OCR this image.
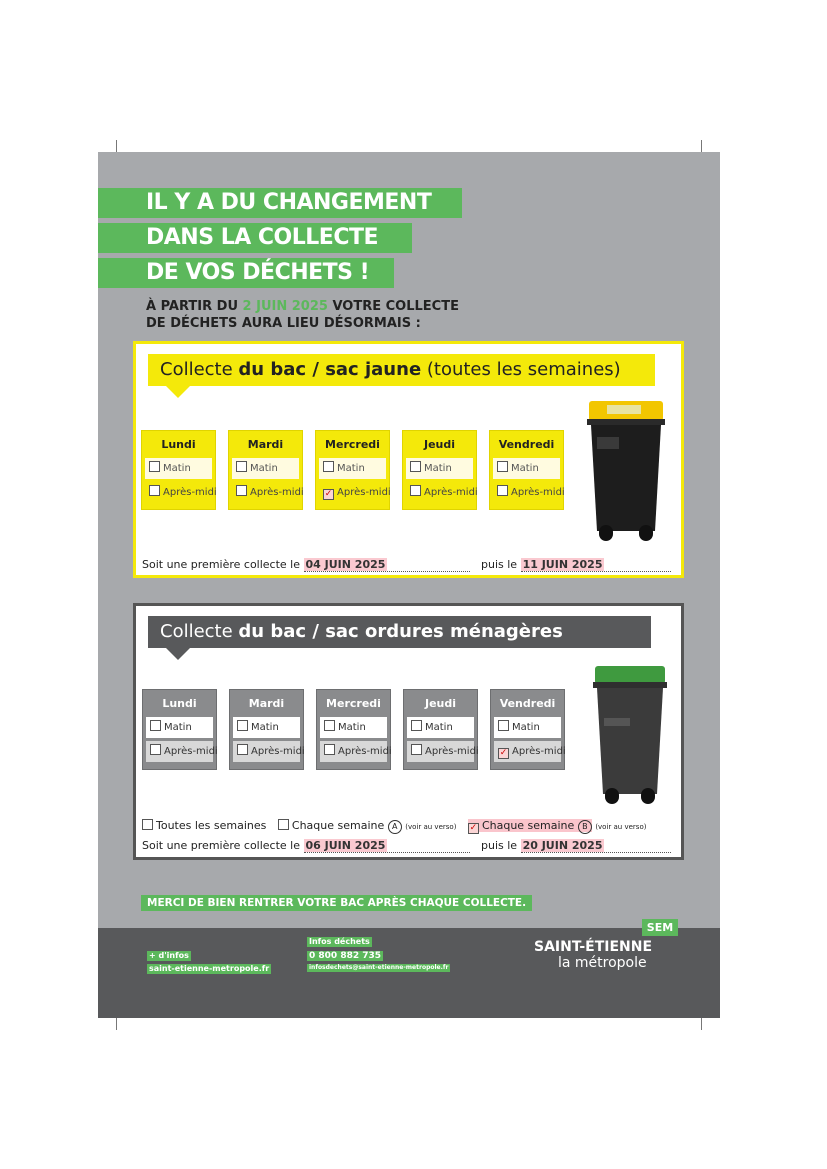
IL Y A DU CHANGEMENT
DANS LA COLLECTE
DE VOS DÉCHETS !
À PARTIR DU 2 JUIN 2025 VOTRE COLLECTE
DE DÉCHETS AURA LIEU DÉSORMAIS :
Collecte du bac / sac jaune (toutes les semaines)
Lundi
Matin
Après-midi
Mardi
Matin
Après-midi
Mercredi
Matin
✓ Après-midi
Jeudi
Matin
Après-midi
Vendredi
Matin
Après-midi
Soit une première collecte le 04 JUIN 2025	puis le 11 JUIN 2025
Collecte du bac / sac ordures ménagères
Lundi
Matin
Après-midi
Mardi
Matin
Après-midi
Mercredi
Matin
Après-midi
Jeudi
Matin
Après-midi
Vendredi
Matin
✓ Après-midi
Toutes les semaines Chaque semaine A (voir au verso) ✓ Chaque semaine B (voir au verso)
Soit une première collecte le 06 JUIN 2025	puis le 20 JUIN 2025
MERCI DE BIEN RENTRER VOTRE BAC APRÈS CHAQUE COLLECTE.
+ d'infos
saint-etienne-metropole.fr
Infos déchets
0 800 882 735
infosdechets@saint-etienne-metropole.fr
SEM
SAINT-ÉTIENNE
la métropole
